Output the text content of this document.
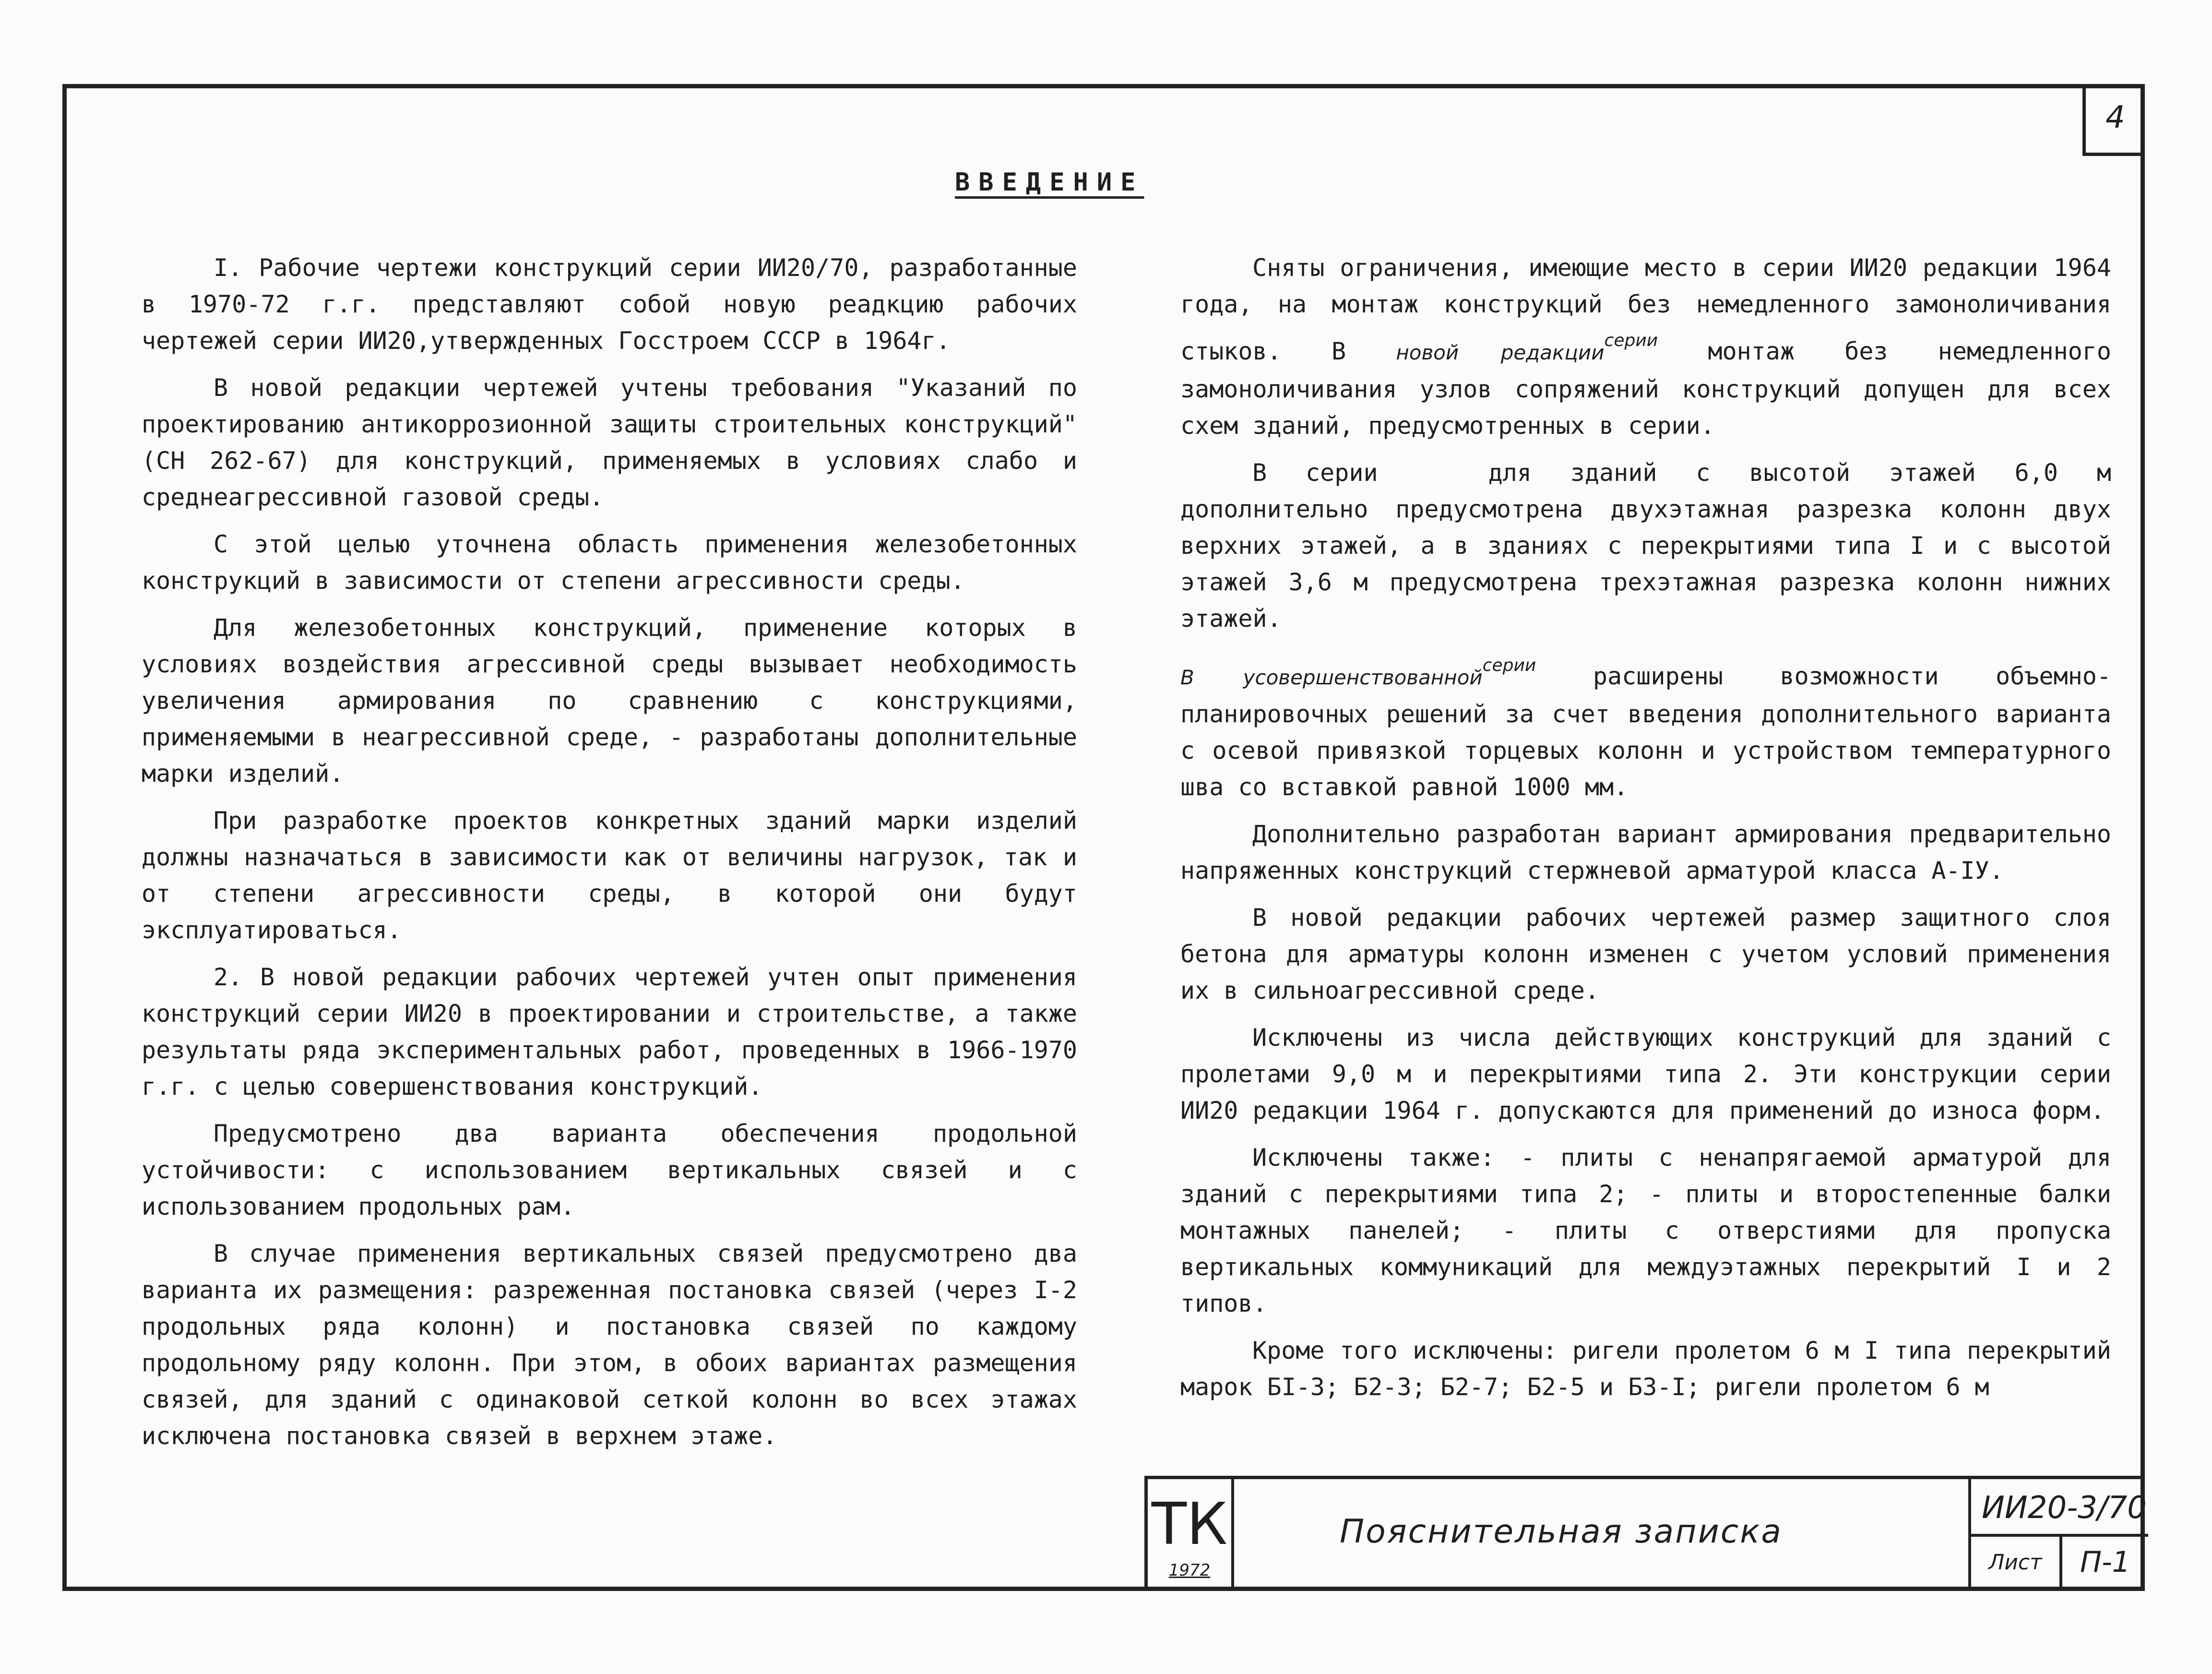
4
ВВЕДЕНИЕ

I. Рабочие чертежи конструкций серии ИИ20/70, разработанные в 1970-72 г.г. представляют собой новую реадкцию рабочих чертежей серии ИИ20,утвержденных Госстроем СССР в 1964г.

В новой редакции чертежей учтены требования "Указаний по проектированию антикоррозионной защиты строительных конструкций" (СН 262-67) для конструкций, применяемых в условиях слабо и среднеагрессивной газовой среды.

С этой целью уточнена область применения железобетонных конструкций в зависимости от степени агрессивности среды.

Для железобетонных конструкций, применение которых в условиях воздействия агрессивной среды вызывает необходимость увеличения армирования по сравнению с конструкциями, применяемыми в неагрессивной среде, - разработаны дополнительные марки изделий.

При разработке проектов конкретных зданий марки изделий должны назначаться в зависимости как от величины нагрузок, так и от степени агрессивности среды, в которой они будут эксплуатироваться.

2. В новой редакции рабочих чертежей учтен опыт применения конструкций серии ИИ20 в проектировании и строительстве, а также результаты ряда экспериментальных работ, проведенных в 1966-1970 г.г. с целью совершенствования конструкций.

Предусмотрено два варианта обеспечения продольной устойчивости: с использованием вертикальных связей и с использованием продольных рам.

В случае применения вертикальных связей предусмотрено два варианта их размещения: разреженная постановка связей (через I-2 продольных ряда колонн) и постановка связей по каждому продольному ряду колонн. При этом, в обоих вариантах размещения связей, для зданий с одинаковой сеткой колонн во всех этажах исключена постановка связей в верхнем этаже.

Сняты ограничения, имеющие место в серии ИИ20 редакции 1964 года, на монтаж конструкций без немедленного замоноличивания стыков. В новой редакции$^{серии}$ монтаж без немедленного замоноличивания узлов сопряжений конструкций допущен для всех схем зданий, предусмотренных в серии.

В серии	для зданий с высотой этажей 6,0 м дополнительно предусмотрена двухэтажная разрезка колонн двух верхних этажей, а в зданиях с перекрытиями типа I и с высотой этажей 3,6 м предусмотрена трехэтажная разрезка колонн нижних этажей.

В усовершенствованной$^{серии}$ расширены возможности объемно-планировочных решений за счет введения дополнительного варианта с осевой привязкой торцевых колонн и устройством температурного шва со вставкой равной 1000 мм.

Дополнительно разработан вариант армирования предварительно напряженных конструкций стержневой арматурой класса А-IУ.

В новой редакции рабочих чертежей размер защитного слоя бетона для арматуры колонн изменен с учетом условий применения их в сильноагрессивной среде.

Исключены из числа действующих конструкций для зданий с пролетами 9,0 м и перекрытиями типа 2. Эти конструкции серии ИИ20 редакции 1964 г. допускаются для применений до износа форм.

Исключены также: - плиты с ненапрягаемой арматурой для зданий с перекрытиями типа 2; - плиты и второстепенные балки монтажных панелей; - плиты с отверстиями для пропуска вертикальных коммуникаций для междуэтажных перекрытий I и 2 типов.

Кроме того исключены: ригели пролетом 6 м I типа перекрытий марок БI-3; Б2-3; Б2-7; Б2-5 и Б3-I; ригели пролетом 6 м

ТК
1972
Пояснительная записка
ИИ20-3/70
Лист	П-1
